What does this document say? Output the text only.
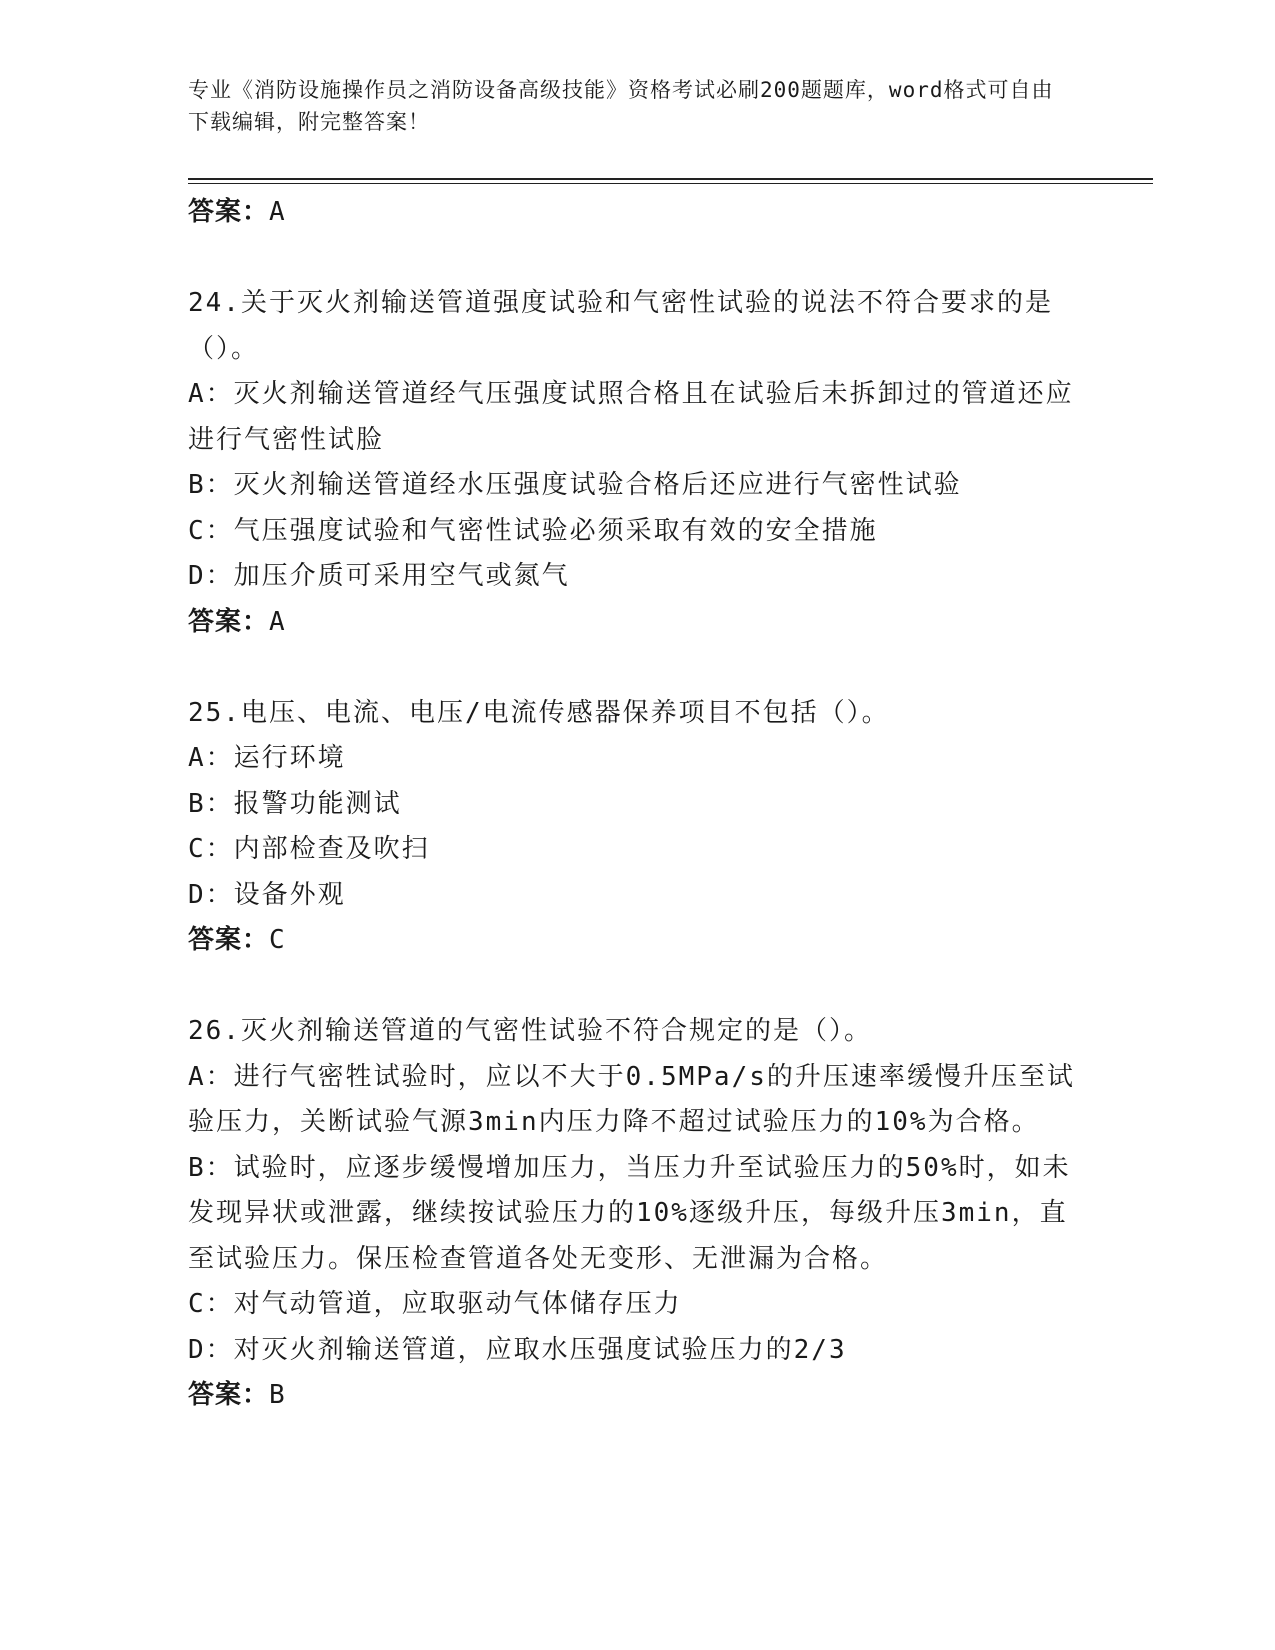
专业《消防设施操作员之消防设备高级技能》资格考试必刷200题题库，word格式可自由下载编辑，附完整答案！
答案：A
24.关于灭火剂输送管道强度试验和气密性试验的说法不符合要求的是（）。
A：灭火剂输送管道经气压强度试照合格且在试验后未拆卸过的管道还应进行气密性试脸
B：灭火剂输送管道经水压强度试验合格后还应进行气密性试验
C：气压强度试验和气密性试验必须采取有效的安全措施
D：加压介质可采用空气或氮气
答案：A
25.电压、电流、电压/电流传感器保养项目不包括（）。
A：运行环境
B：报警功能测试
C：内部检查及吹扫
D：设备外观
答案：C
26.灭火剂输送管道的气密性试验不符合规定的是（）。
A：进行气密牲试验时，应以不大于0.5MPa/s的升压速率缓慢升压至试验压力，关断试验气源3min内压力降不超过试验压力的10%为合格。
B：试验时，应逐步缓慢增加压力，当压力升至试验压力的50%时，如未发现异状或泄露，继续按试验压力的10%逐级升压，每级升压3min，直至试验压力。保压检查管道各处无变形、无泄漏为合格。
C：对气动管道，应取驱动气体储存压力
D：对灭火剂输送管道，应取水压强度试验压力的2/3
答案：B
